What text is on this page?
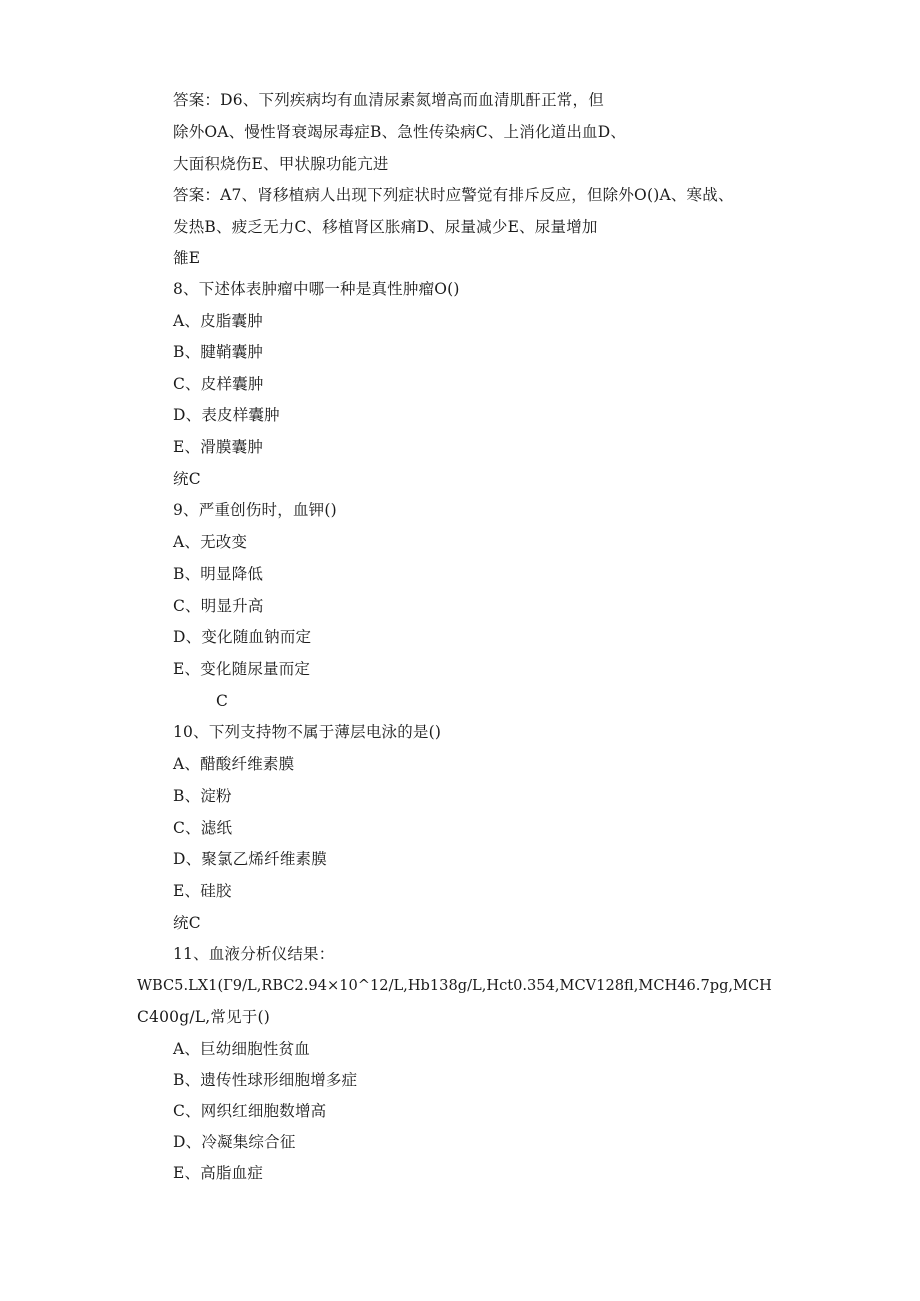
答案：D6、下列疾病均有血清尿素氮增高而血清肌酐正常，但
除外OA、慢性肾衰竭尿毒症B、急性传染病C、上消化道出血D、
大面积烧伤E、甲状腺功能亢进
答案：A7、肾移植病人出现下列症状时应警觉有排斥反应，但除外O()A、寒战、
发热B、疲乏无力C、移植肾区胀痛D、尿量减少E、尿量增加
雒E
8、下述体表肿瘤中哪一种是真性肿瘤O()
A、皮脂囊肿
B、腱鞘囊肿
C、皮样囊肿
D、表皮样囊肿
E、滑膜囊肿
统C
9、严重创伤时，血钾()
A、无改变
B、明显降低
C、明显升高
D、变化随血钠而定
E、变化随尿量而定
C
10、下列支持物不属于薄层电泳的是()
A、醋酸纤维素膜
B、淀粉
C、滤纸
D、聚氯乙烯纤维素膜
E、硅胶
统C
11、血液分析仪结果：
WBC5.LX1(Г9/L,RBC2.94×10^12/L,Hb138g/L,Hct0.354,MCV128fl,MCH46.7pg,MCH
C400g/L,常见于()
A、巨幼细胞性贫血
B、遗传性球形细胞增多症
C、网织红细胞数增高
D、冷凝集综合征
E、高脂血症
